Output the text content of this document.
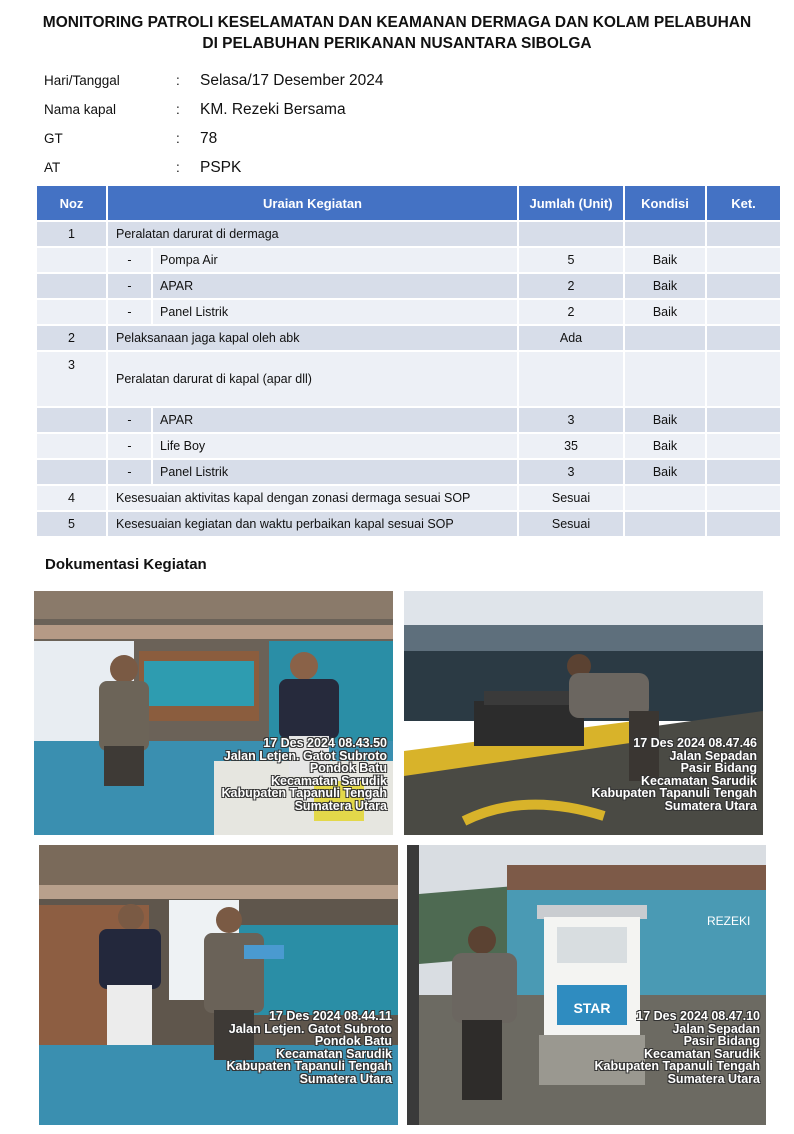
MONITORING PATROLI KESELAMATAN DAN KEAMANAN DERMAGA DAN KOLAM PELABUHAN
DI PELABUHAN PERIKANAN NUSANTARA SIBOLGA
Hari/Tanggal	:	Selasa/17 Desember 2024
Nama kapal	:	KM. Rezeki Bersama
GT	:	78
AT	:	PSPK
Noz	Uraian Kegiatan		Jumlah (Unit)	Kondisi	Ket.
1	Peralatan darurat di dermaga				
	-	Pompa Air	5	Baik	
	-	APAR	2	Baik	
	-	Panel Listrik	2	Baik	
2	Pelaksanaan jaga kapal oleh abk		Ada		
3	Peralatan darurat di kapal (apar dll)				
	-	APAR	3	Baik	
	-	Life Boy	35	Baik	
	-	Panel Listrik	3	Baik	
4	Kesesuaian aktivitas kapal dengan zonasi dermaga sesuai SOP		Sesuai		
5	Kesesuaian kegiatan dan waktu perbaikan kapal sesuai SOP		Sesuai		
Dokumentasi Kegiatan
17 Des 2024 08.43.50
Jalan Letjen. Gatot Subroto
Pondok Batu
Kecamatan Sarudik
Kabupaten Tapanuli Tengah
Sumatera Utara
17 Des 2024 08.47.46
Jalan Sepadan
Pasir Bidang
Kecamatan Sarudik
Kabupaten Tapanuli Tengah
Sumatera Utara
17 Des 2024 08.44.11
Jalan Letjen. Gatot Subroto
Pondok Batu
Kecamatan Sarudik
Kabupaten Tapanuli Tengah
Sumatera Utara
REZEKI
STAR	17 Des 2024 08.47.10
Jalan Sepadan
Pasir Bidang
Kecamatan Sarudik
Kabupaten Tapanuli Tengah
Sumatera Utara
